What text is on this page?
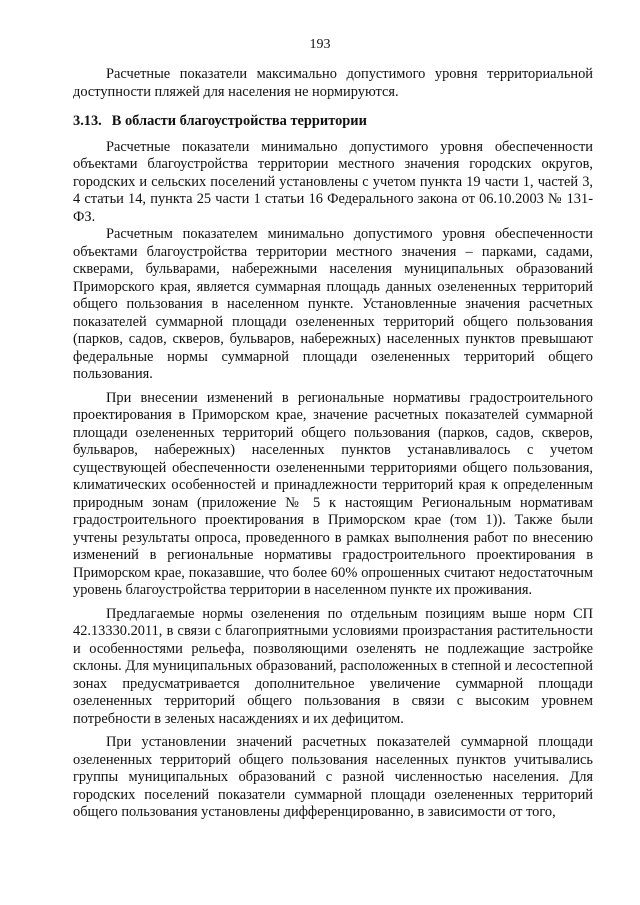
193

Расчетные показатели максимально допустимого уровня территориальной доступности пляжей для населения не нормируются.

3.13. В области благоустройства территории

Расчетные показатели минимально допустимого уровня обеспеченности объектами благоустройства территории местного значения городских округов, городских и сельских поселений установлены с учетом пункта 19 части 1, частей 3, 4 статьи 14, пункта 25 части 1 статьи 16 Федерального закона от 06.10.2003 № 131-ФЗ.

Расчетным показателем минимально допустимого уровня обеспеченности объектами благоустройства территории местного значения – парками, садами, скверами, бульварами, набережными населения муниципальных образований Приморского края, является суммарная площадь данных озелененных территорий общего пользования в населенном пункте. Установленные значения расчетных показателей суммарной площади озелененных территорий общего пользования (парков, садов, скверов, бульваров, набережных) населенных пунктов превышают федеральные нормы суммарной площади озелененных территорий общего пользования.

При внесении изменений в региональные нормативы градостроительного проектирования в Приморском крае, значение расчетных показателей суммарной площади озелененных территорий общего пользования (парков, садов, скверов, бульваров, набережных) населенных пунктов устанавливалось с учетом существующей обеспеченности озелененными территориями общего пользования, климатических особенностей и принадлежности территорий края к определенным природным зонам (приложение № 5 к настоящим Региональным нормативам градостроительного проектирования в Приморском крае (том 1)). Также были учтены результаты опроса, проведенного в рамках выполнения работ по внесению изменений в региональные нормативы градостроительного проектирования в Приморском крае, показавшие, что более 60% опрошенных считают недостаточным уровень благоустройства территории в населенном пункте их проживания.

Предлагаемые нормы озеленения по отдельным позициям выше норм СП 42.13330.2011, в связи с благоприятными условиями произрастания растительности и особенностями рельефа, позволяющими озеленять не подлежащие застройке склоны. Для муниципальных образований, расположенных в степной и лесостепной зонах предусматривается дополнительное увеличение суммарной площади озелененных территорий общего пользования в связи с высоким уровнем потребности в зеленых насаждениях и их дефицитом.

При установлении значений расчетных показателей суммарной площади озелененных территорий общего пользования населенных пунктов учитывались группы муниципальных образований с разной численностью населения. Для городских поселений показатели суммарной площади озелененных территорий общего пользования установлены дифференцированно, в зависимости от того,
